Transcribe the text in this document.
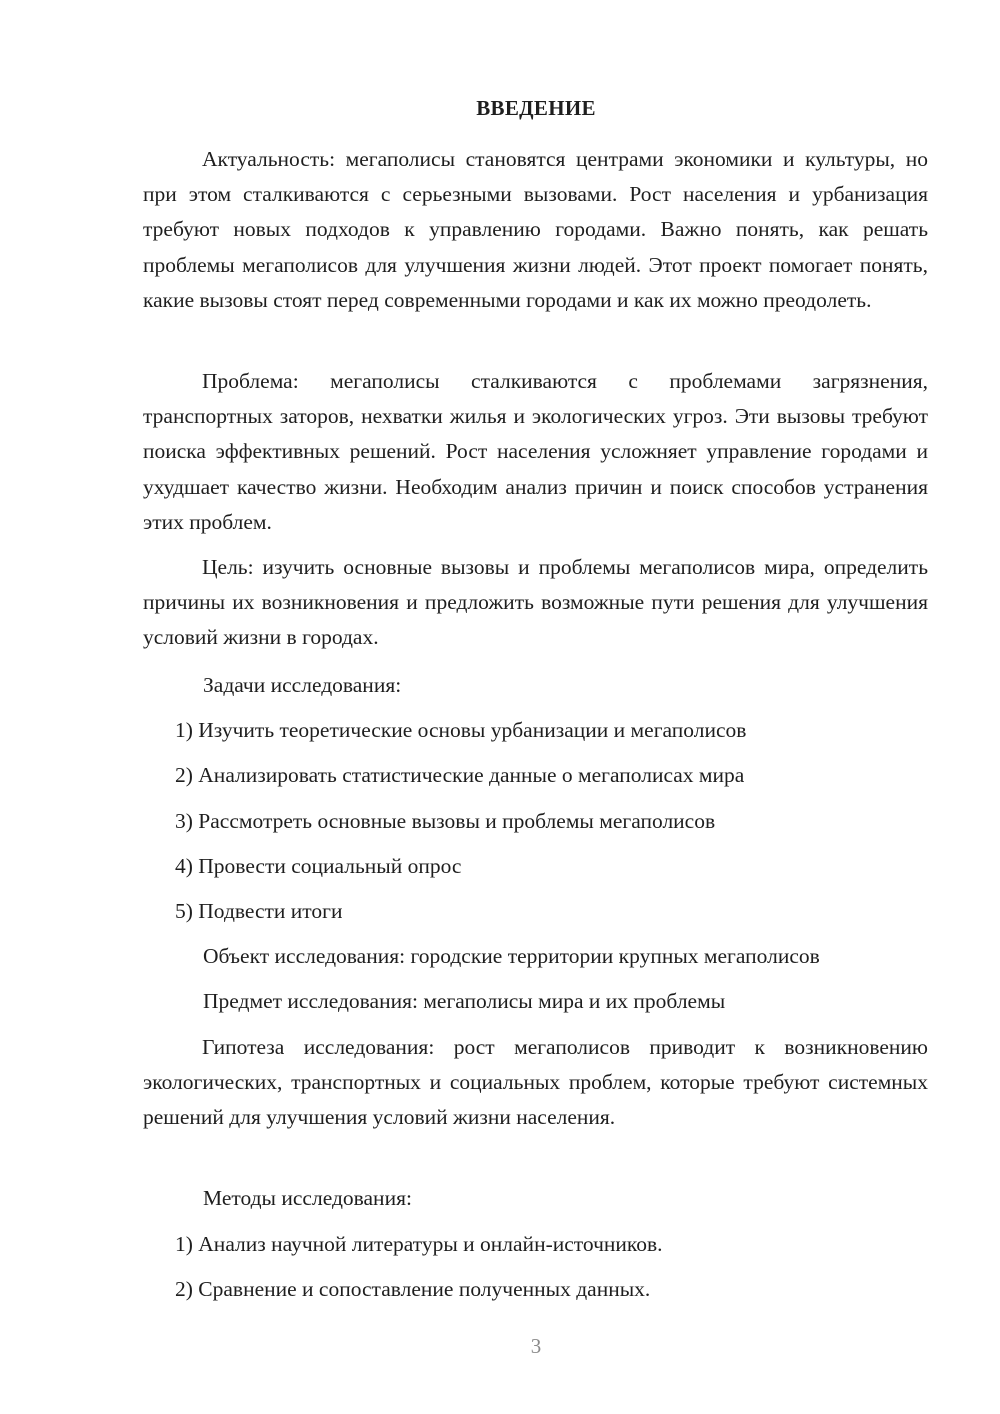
ВВЕДЕНИЕ

Актуальность: мегаполисы становятся центрами экономики и культуры, но при этом сталкиваются с серьезными вызовами. Рост населения и урбанизация требуют новых подходов к управлению городами. Важно понять, как решать проблемы мегаполисов для улучшения жизни людей. Этот проект помогает понять, какие вызовы стоят перед современными городами и как их можно преодолеть.

Проблема: мегаполисы сталкиваются с проблемами загрязнения, транспортных заторов, нехватки жилья и экологических угроз. Эти вызовы требуют поиска эффективных решений. Рост населения усложняет управление городами и ухудшает качество жизни. Необходим анализ причин и поиск способов устранения этих проблем.

Цель: изучить основные вызовы и проблемы мегаполисов мира, определить причины их возникновения и предложить возможные пути решения для улучшения условий жизни в городах.

Задачи исследования:
1) Изучить теоретические основы урбанизации и мегаполисов
2) Анализировать статистические данные о мегаполисах мира
3) Рассмотреть основные вызовы и проблемы мегаполисов
4) Провести социальный опрос
5) Подвести итоги
Объект исследования: городские территории крупных мегаполисов
Предмет исследования: мегаполисы мира и их проблемы

Гипотеза исследования: рост мегаполисов приводит к возникновению экологических, транспортных и социальных проблем, которые требуют системных решений для улучшения условий жизни населения.

Методы исследования:
1) Анализ научной литературы и онлайн-источников.
2) Сравнение и сопоставление полученных данных.
3
